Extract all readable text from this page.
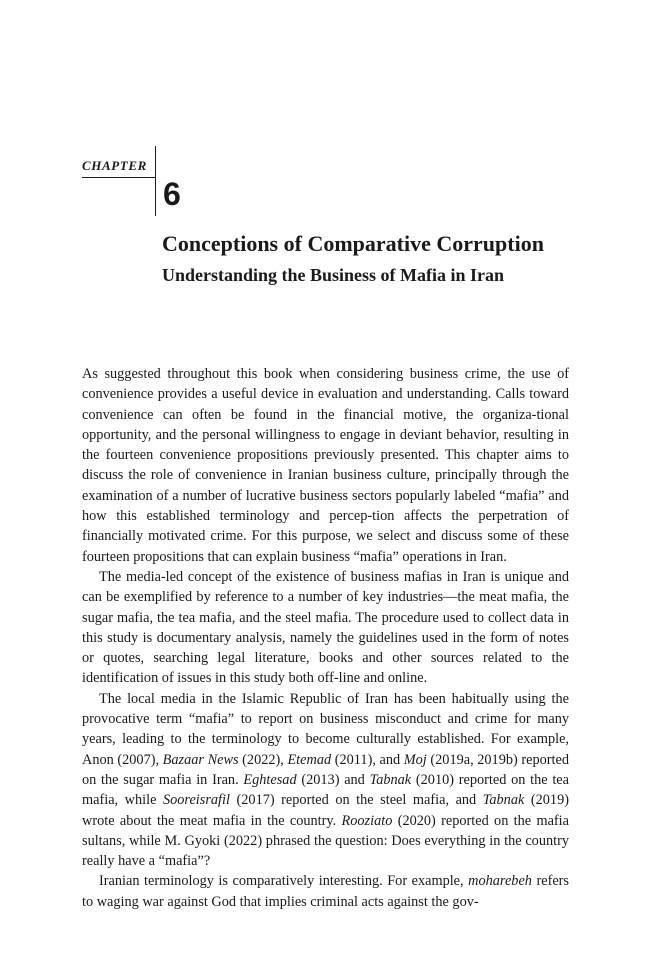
CHAPTER
6
Conceptions of Comparative Corruption
Understanding the Business of Mafia in Iran

As suggested throughout this book when considering business crime, the use of convenience provides a useful device in evaluation and understanding. Calls toward convenience can often be found in the financial motive, the organiza-tional opportunity, and the personal willingness to engage in deviant behavior, resulting in the fourteen convenience propositions previously presented. This chapter aims to discuss the role of convenience in Iranian business culture, principally through the examination of a number of lucrative business sectors popularly labeled “mafia” and how this established terminology and percep-tion affects the perpetration of financially motivated crime. For this purpose, we select and discuss some of these fourteen propositions that can explain business “mafia” operations in Iran.

The media-led concept of the existence of business mafias in Iran is unique and can be exemplified by reference to a number of key industries—the meat mafia, the sugar mafia, the tea mafia, and the steel mafia. The procedure used to collect data in this study is documentary analysis, namely the guidelines used in the form of notes or quotes, searching legal literature, books and other sources related to the identification of issues in this study both off-line and online.

The local media in the Islamic Republic of Iran has been habitually using the provocative term “mafia” to report on business misconduct and crime for many years, leading to the terminology to become culturally established. For example, Anon (2007), Bazaar News (2022), Etemad (2011), and Moj (2019a, 2019b) reported on the sugar mafia in Iran. Eghtesad (2013) and Tabnak (2010) reported on the tea mafia, while Sooreisrafil (2017) reported on the steel mafia, and Tabnak (2019) wrote about the meat mafia in the country. Rooziato (2020) reported on the mafia sultans, while M. Gyoki (2022) phrased the question: Does everything in the country really have a “mafia”?

Iranian terminology is comparatively interesting. For example, moharebeh refers to waging war against God that implies criminal acts against the gov-
